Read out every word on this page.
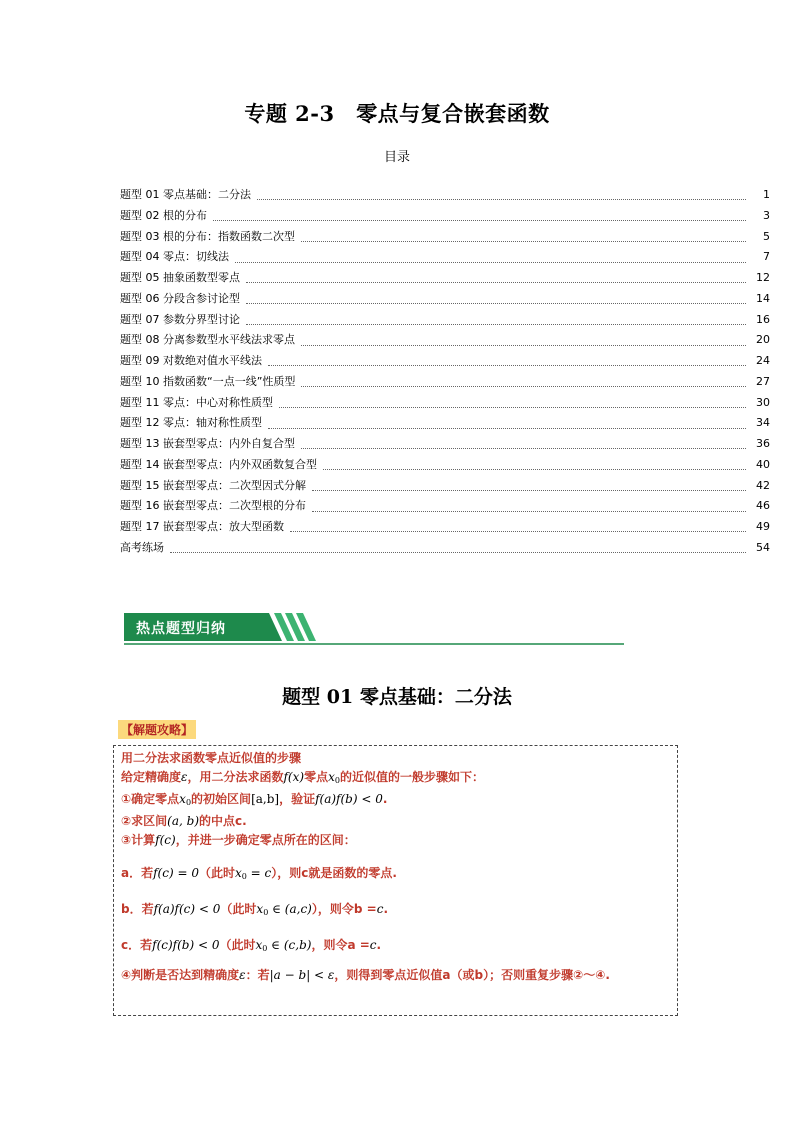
专题 2-3　零点与复合嵌套函数
目录
题型 01 零点基础：二分法	1
题型 02 根的分布	3
题型 03 根的分布：指数函数二次型	5
题型 04 零点：切线法	7
题型 05 抽象函数型零点	12
题型 06 分段含参讨论型	14
题型 07 参数分界型讨论	16
题型 08 分离参数型水平线法求零点	20
题型 09 对数绝对值水平线法	24
题型 10 指数函数“一点一线”性质型	27
题型 11 零点：中心对称性质型	30
题型 12 零点：轴对称性质型	34
题型 13 嵌套型零点：内外自复合型	36
题型 14 嵌套型零点：内外双函数复合型	40
题型 15 嵌套型零点：二次型因式分解	42
题型 16 嵌套型零点：二次型根的分布	46
题型 17 嵌套型零点：放大型函数	49
高考练场	54
热点题型归纳
题型 01 零点基础：二分法
【解题攻略】
用二分法求函数零点近似值的步骤
给定精确度ε，用二分法求函数f(x)零点$x_0$的近似值的一般步骤如下：
①确定零点$x_0$的初始区间[a,b]，验证f(a)f(b) < 0.
②求区间(a, b)的中点c.
③计算f(c)，并进一步确定零点所在的区间：
a．若f(c) = 0（此时$x_0 = c$），则c就是函数的零点.
b．若f(a)f(c) < 0（此时$x_0$ ∈ (a,c)），则令b =c.
c．若f(c)f(b) < 0（此时$x_0$ ∈ (c,b)，则令a =c.
④判断是否达到精确度ε：若|a − b| < ε，则得到零点近似值a（或b）；否则重复步骤②～④.
